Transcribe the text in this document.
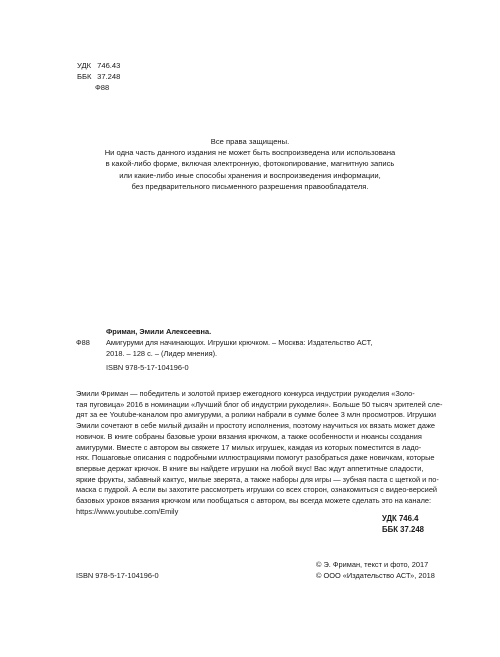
УДК 746.43
ББК 37.248
Ф88
Все права защищены.
Ни одна часть данного издания не может быть воспроизведена или использована
в какой-либо форме, включая электронную, фотокопирование, магнитную запись
или какие-либо иные способы хранения и воспроизведения информации,
без предварительного письменного разрешения правообладателя.
Фриман, Эмили Алексеевна.
Ф88	Амигуруми для начинающих. Игрушки крючком. – Москва: Издательство АСТ,
2018. – 128 с. – (Лидер мнения).
ISBN 978-5-17-104196-0
Эмили Фриман — победитель и золотой призер ежегодного конкурса индустрии рукоделия «Золо-
тая пуговица» 2016 в номинации «Лучший блог об индустрии рукоделия». Больше 50 тысяч зрителей сле-
дят за ее Youtube-каналом про амигуруми, а ролики набрали в сумме более 3 млн просмотров. Игрушки
Эмили сочетают в себе милый дизайн и простоту исполнения, поэтому научиться их вязать может даже
новичок. В книге собраны базовые уроки вязания крючком, а также особенности и нюансы создания
амигуруми. Вместе с автором вы свяжете 17 милых игрушек, каждая из которых поместится в ладо-
нях. Пошаговые описания с подробными иллюстрациями помогут разобраться даже новичкам, которые
впервые держат крючок. В книге вы найдете игрушки на любой вкус! Вас ждут аппетитные сладости,
яркие фрукты, забавный кактус, милые зверята, а также наборы для игры — зубная паста с щеткой и по-
маска с пудрой. А если вы захотите рассмотреть игрушки со всех сторон, ознакомиться с видео-версией
базовых уроков вязания крючком или пообщаться с автором, вы всегда можете сделать это на канале:
https://www.youtube.com/Emily
УДК 746.4
ББК 37.248
© Э. Фриман, текст и фото, 2017
© ООО «Издательство АСТ», 2018
ISBN 978-5-17-104196-0
